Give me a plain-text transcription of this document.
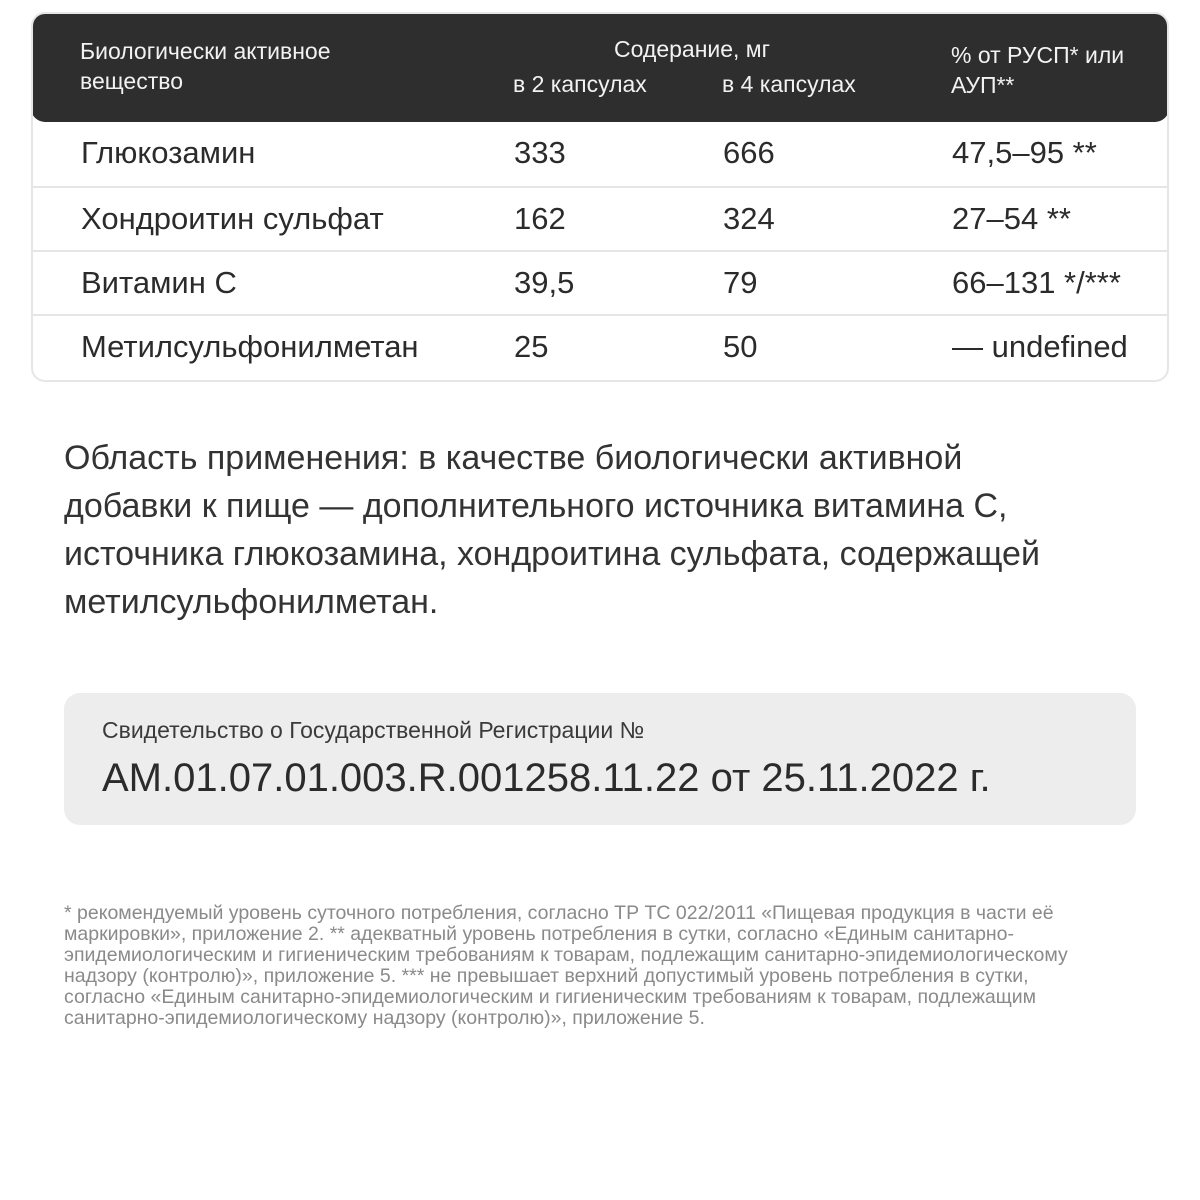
Биологически активное вещество
Содерание, мг
в 2 капсулах	в 4 капсулах
% от РУСП* или АУП**
Глюкозамин	333	666	47,5–95 **
Хондроитин сульфат	162	324	27–54 **
Витамин С	39,5	79	66–131 */***
Метилсульфонилметан	25	50	— undefined
Область применения: в качестве биологически активной добавки к пище — дополнительного источника витамина С, источника глюкозамина, хондроитина сульфата, содержащей метилсульфонилметан.
Свидетельство о Государственной Регистрации №
AM.01.07.01.003.R.001258.11.22 от 25.11.2022 г.
* рекомендуемый уровень суточного потребления, согласно ТР ТС 022/2011 «Пищевая продукция в части её маркировки», приложение 2. ** адекватный уровень потребления в сутки, согласно «Единым санитарно-эпидемиологическим и гигиеническим требованиям к товарам, подлежащим санитарно-эпидемиологическому надзору (контролю)», приложение 5. *** не превышает верхний допустимый уровень потребления в сутки, согласно «Единым санитарно-эпидемиологическим и гигиеническим требованиям к товарам, подлежащим санитарно-эпидемиологическому надзору (контролю)», приложение 5.
